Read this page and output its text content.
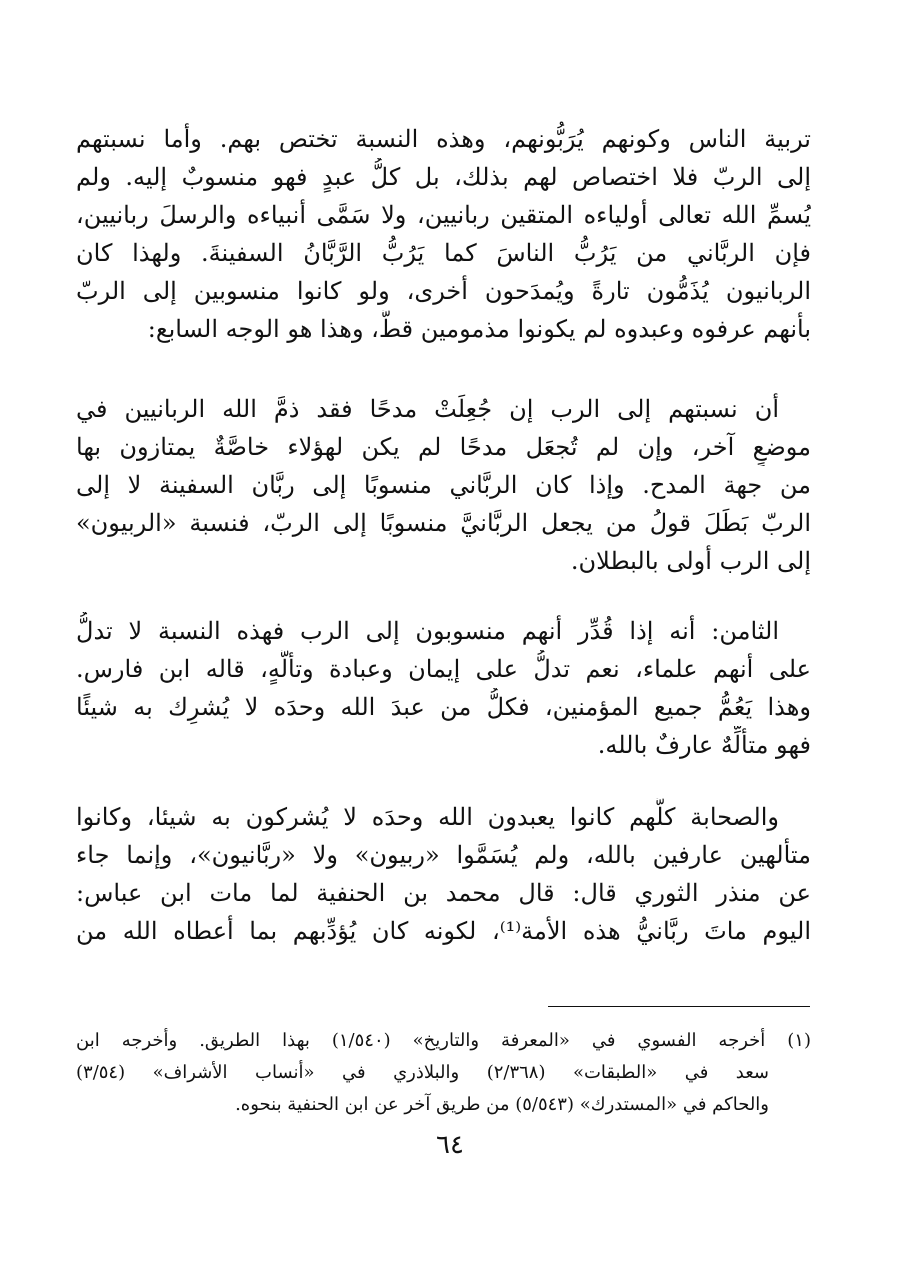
تربية الناس وكونهم يُرَبُّونهم، وهذه النسبة تختص بهم. وأما نسبتهم
إلى الربّ فلا اختصاص لهم بذلك، بل كلُّ عبدٍ فهو منسوبٌ إليه. ولم
يُسمِّ الله تعالى أولياءه المتقين ربانيين، ولا سَمَّى أنبياءه والرسلَ ربانيين،
فإن الربَّاني من يَرُبُّ الناسَ كما يَرُبُّ الرَّبَّانُ السفينةَ. ولهذا كان
الربانيون يُذَمُّون تارةً ويُمدَحون أخرى، ولو كانوا منسوبين إلى الربّ
بأنهم عرفوه وعبدوه لم يكونوا مذمومين قطُّ، وهذا هو الوجه السابع:
أن نسبتهم إلى الرب إن جُعِلَتْ مدحًا فقد ذمَّ الله الربانيين في
موضعٍ آخر، وإن لم تُجعَل مدحًا لم يكن لهؤلاء خاصَّةٌ يمتازون بها
من جهة المدح. وإذا كان الربَّاني منسوبًا إلى ربَّان السفينة لا إلى
الربّ بَطَلَ قولُ من يجعل الربَّانيَّ منسوبًا إلى الربّ، فنسبة «الربيون»
إلى الرب أولى بالبطلان.
الثامن: أنه إذا قُدِّر أنهم منسوبون إلى الرب فهذه النسبة لا تدلُّ
على أنهم علماء، نعم تدلُّ على إيمان وعبادة وتألُّهٍ، قاله ابن فارس.
وهذا يَعُمُّ جميع المؤمنين، فكلُّ من عبدَ الله وحدَه لا يُشرِك به شيئًا
فهو متألِّهٌ عارفٌ بالله.
والصحابة كلُّهم كانوا يعبدون الله وحدَه لا يُشركون به شيئا، وكانوا
متألهين عارفين بالله، ولم يُسَمَّوا «ربيون» ولا «ربَّانيون»، وإنما جاء
عن منذر الثوري قال: قال محمد بن الحنفية لما مات ابن عباس:
اليوم ماتَ ربَّانيُّ هذه الأمة⁽¹⁾، لكونه كان يُؤدِّبهم بما أعطاه الله من
(١) أخرجه الفسوي في «المعرفة والتاريخ» (١/٥٤٠) بهذا الطريق. وأخرجه ابن
سعد في «الطبقات» (٢/٣٦٨) والبلاذري في «أنساب الأشراف» (٣/٥٤)
والحاكم في «المستدرك» (٥/٥٤٣) من طريق آخر عن ابن الحنفية بنحوه.
٦٤
